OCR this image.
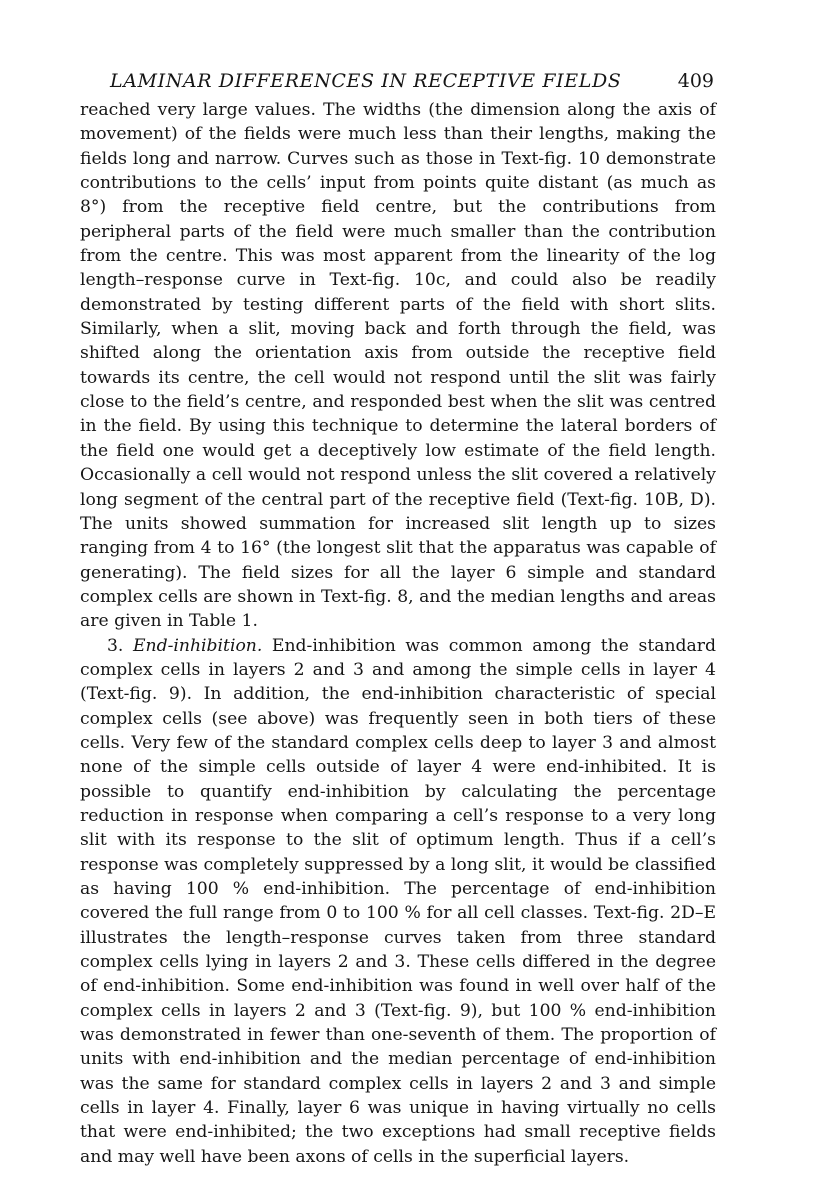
LAMINAR DIFFERENCES IN RECEPTIVE FIELDS	409

reached very large values. The widths (the dimension along the axis of movement) of the fields were much less than their lengths, making the fields long and narrow. Curves such as those in Text-fig. 10 demonstrate contributions to the cells’ input from points quite distant (as much as 8°) from the receptive field centre, but the contributions from peripheral parts of the field were much smaller than the contribution from the centre. This was most apparent from the linearity of the log length–response curve in Text-fig. 10c, and could also be readily demonstrated by testing different parts of the field with short slits. Similarly, when a slit, moving back and forth through the field, was shifted along the orientation axis from outside the receptive field towards its centre, the cell would not respond until the slit was fairly close to the field’s centre, and responded best when the slit was centred in the field. By using this technique to determine the lateral borders of the field one would get a deceptively low estimate of the field length. Occasionally a cell would not respond unless the slit covered a relatively long segment of the central part of the receptive field (Text-fig. 10B, D). The units showed summation for increased slit length up to sizes ranging from 4 to 16° (the longest slit that the apparatus was capable of generating). The field sizes for all the layer 6 simple and standard complex cells are shown in Text-fig. 8, and the median lengths and areas are given in Table 1.

3. End-inhibition. End-inhibition was common among the standard complex cells in layers 2 and 3 and among the simple cells in layer 4 (Text-fig. 9). In addition, the end-inhibition characteristic of special complex cells (see above) was frequently seen in both tiers of these cells. Very few of the standard complex cells deep to layer 3 and almost none of the simple cells outside of layer 4 were end-inhibited. It is possible to quantify end-inhibition by calculating the percentage reduction in response when comparing a cell’s response to a very long slit with its response to the slit of optimum length. Thus if a cell’s response was completely suppressed by a long slit, it would be classified as having 100 % end-inhibition. The percentage of end-inhibition covered the full range from 0 to 100 % for all cell classes. Text-fig. 2D–E illustrates the length–response curves taken from three standard complex cells lying in layers 2 and 3. These cells differed in the degree of end-inhibition. Some end-inhibition was found in well over half of the complex cells in layers 2 and 3 (Text-fig. 9), but 100 % end-inhibition was demonstrated in fewer than one-seventh of them. The proportion of units with end-inhibition and the median percentage of end-inhibition was the same for standard complex cells in layers 2 and 3 and simple cells in layer 4. Finally, layer 6 was unique in having virtually no cells that were end-inhibited; the two exceptions had small receptive fields and may well have been axons of cells in the superficial layers.
